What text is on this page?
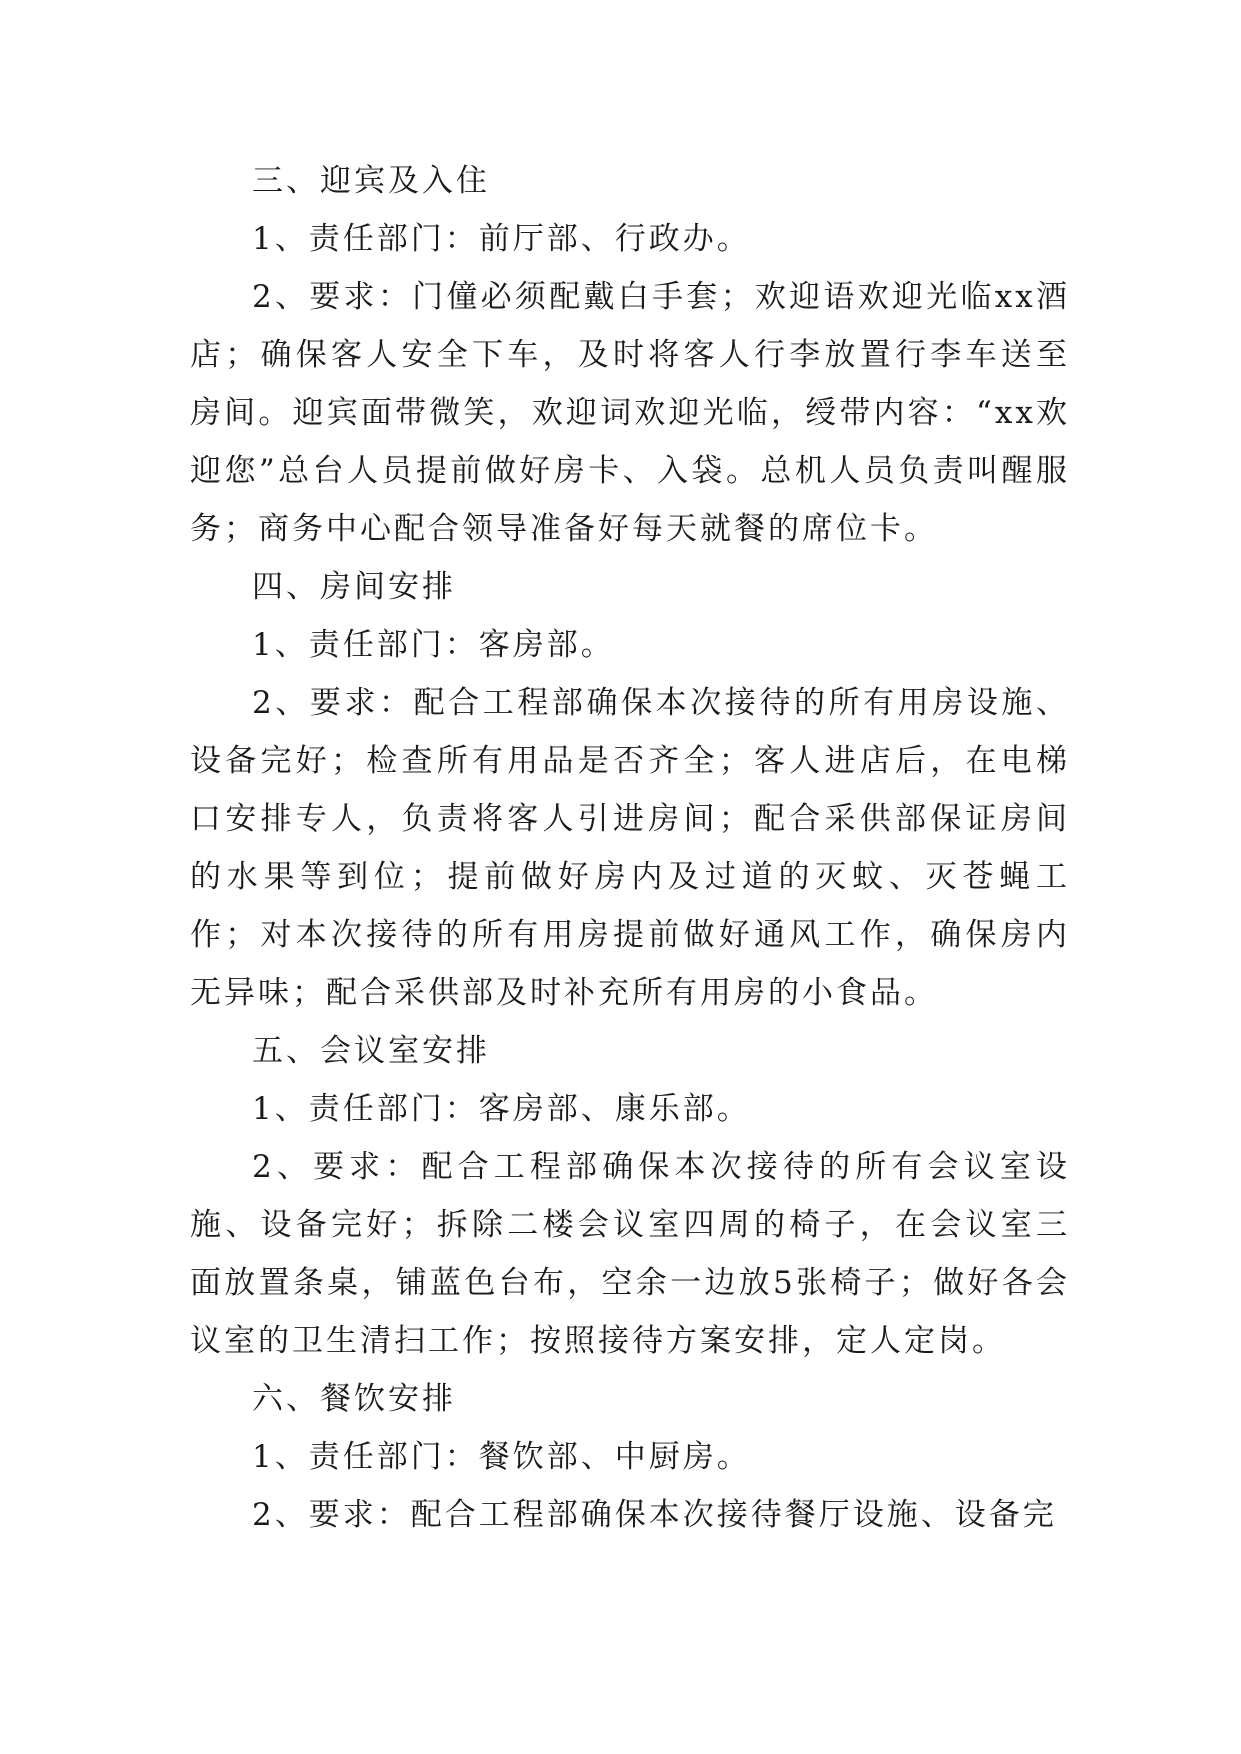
三、迎宾及入住

1、责任部门：前厅部、行政办。

2、要求：门僮必须配戴白手套；欢迎语欢迎光临xx酒店；确保客人安全下车，及时将客人行李放置行李车送至房间。迎宾面带微笑，欢迎词欢迎光临，绶带内容：“xx欢迎您”总台人员提前做好房卡、入袋。总机人员负责叫醒服务；商务中心配合领导准备好每天就餐的席位卡。

四、房间安排

1、责任部门：客房部。

2、要求：配合工程部确保本次接待的所有用房设施、设备完好；检查所有用品是否齐全；客人进店后，在电梯口安排专人，负责将客人引进房间；配合采供部保证房间的水果等到位；提前做好房内及过道的灭蚊、灭苍蝇工作；对本次接待的所有用房提前做好通风工作，确保房内无异味；配合采供部及时补充所有用房的小食品。

五、会议室安排

1、责任部门：客房部、康乐部。

2、要求：配合工程部确保本次接待的所有会议室设施、设备完好；拆除二楼会议室四周的椅子，在会议室三面放置条桌，铺蓝色台布，空余一边放5张椅子；做好各会议室的卫生清扫工作；按照接待方案安排，定人定岗。

六、餐饮安排

1、责任部门：餐饮部、中厨房。

2、要求：配合工程部确保本次接待餐厅设施、设备完
